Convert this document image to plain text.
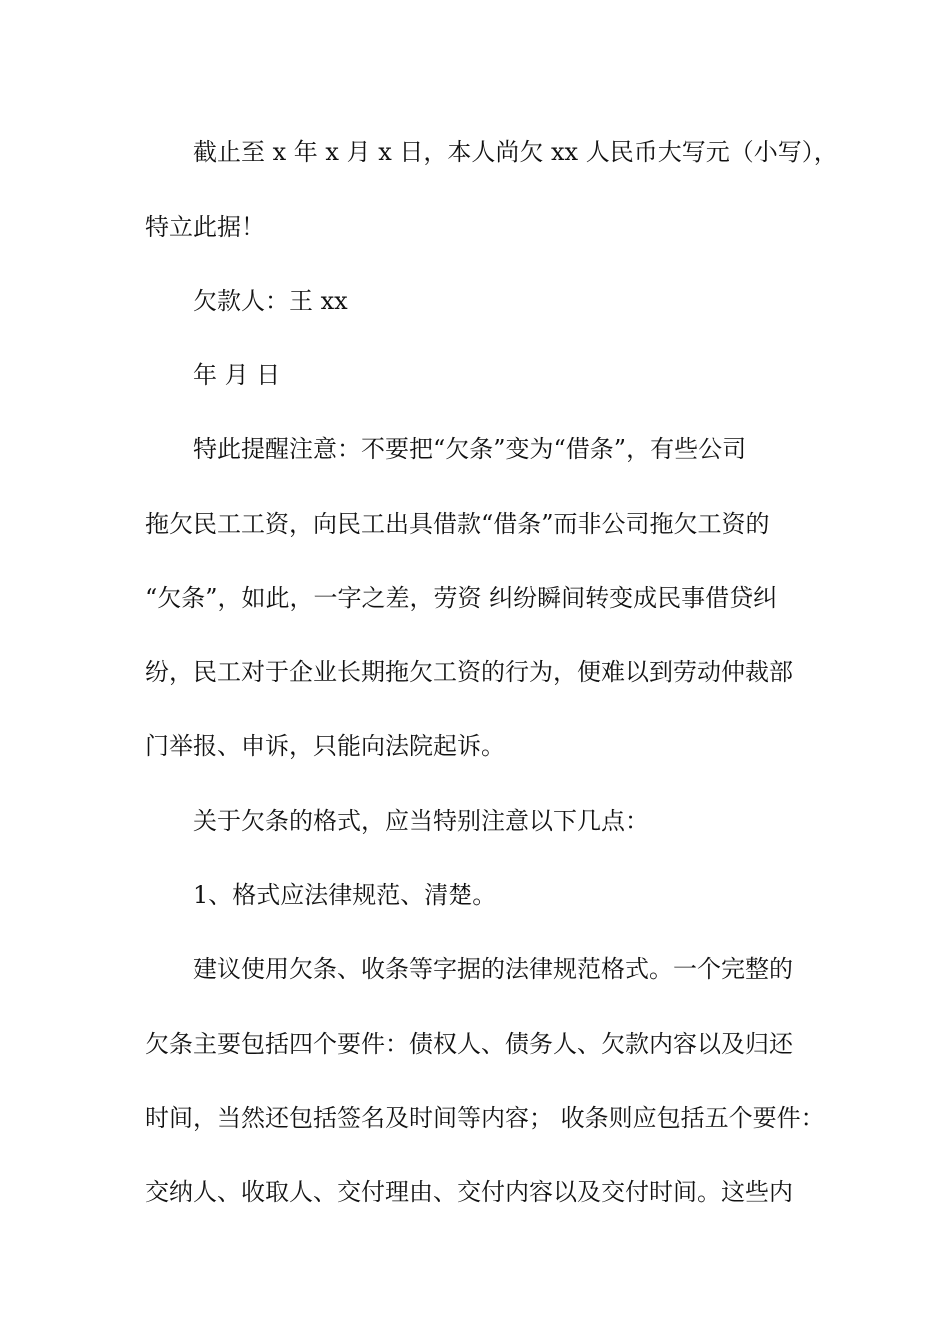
截止至 x 年 x 月 x 日，本人尚欠 xx 人民币大写元（小写），

特立此据！

欠款人：王 xx

年 月 日

特此提醒注意：不要把“欠条”变为“借条”，有些公司

拖欠民工工资，向民工出具借款“借条”而非公司拖欠工资的

“欠条”，如此，一字之差，劳资 纠纷瞬间转变成民事借贷纠

纷，民工对于企业长期拖欠工资的行为，便难以到劳动仲裁部

门举报、申诉，只能向法院起诉。

关于欠条的格式，应当特别注意以下几点：

1、格式应法律规范、清楚。

建议使用欠条、收条等字据的法律规范格式。一个完整的

欠条主要包括四个要件：债权人、债务人、欠款内容以及归还

时间，当然还包括签名及时间等内容； 收条则应包括五个要件：

交纳人、收取人、交付理由、交付内容以及交付时间。这些内
